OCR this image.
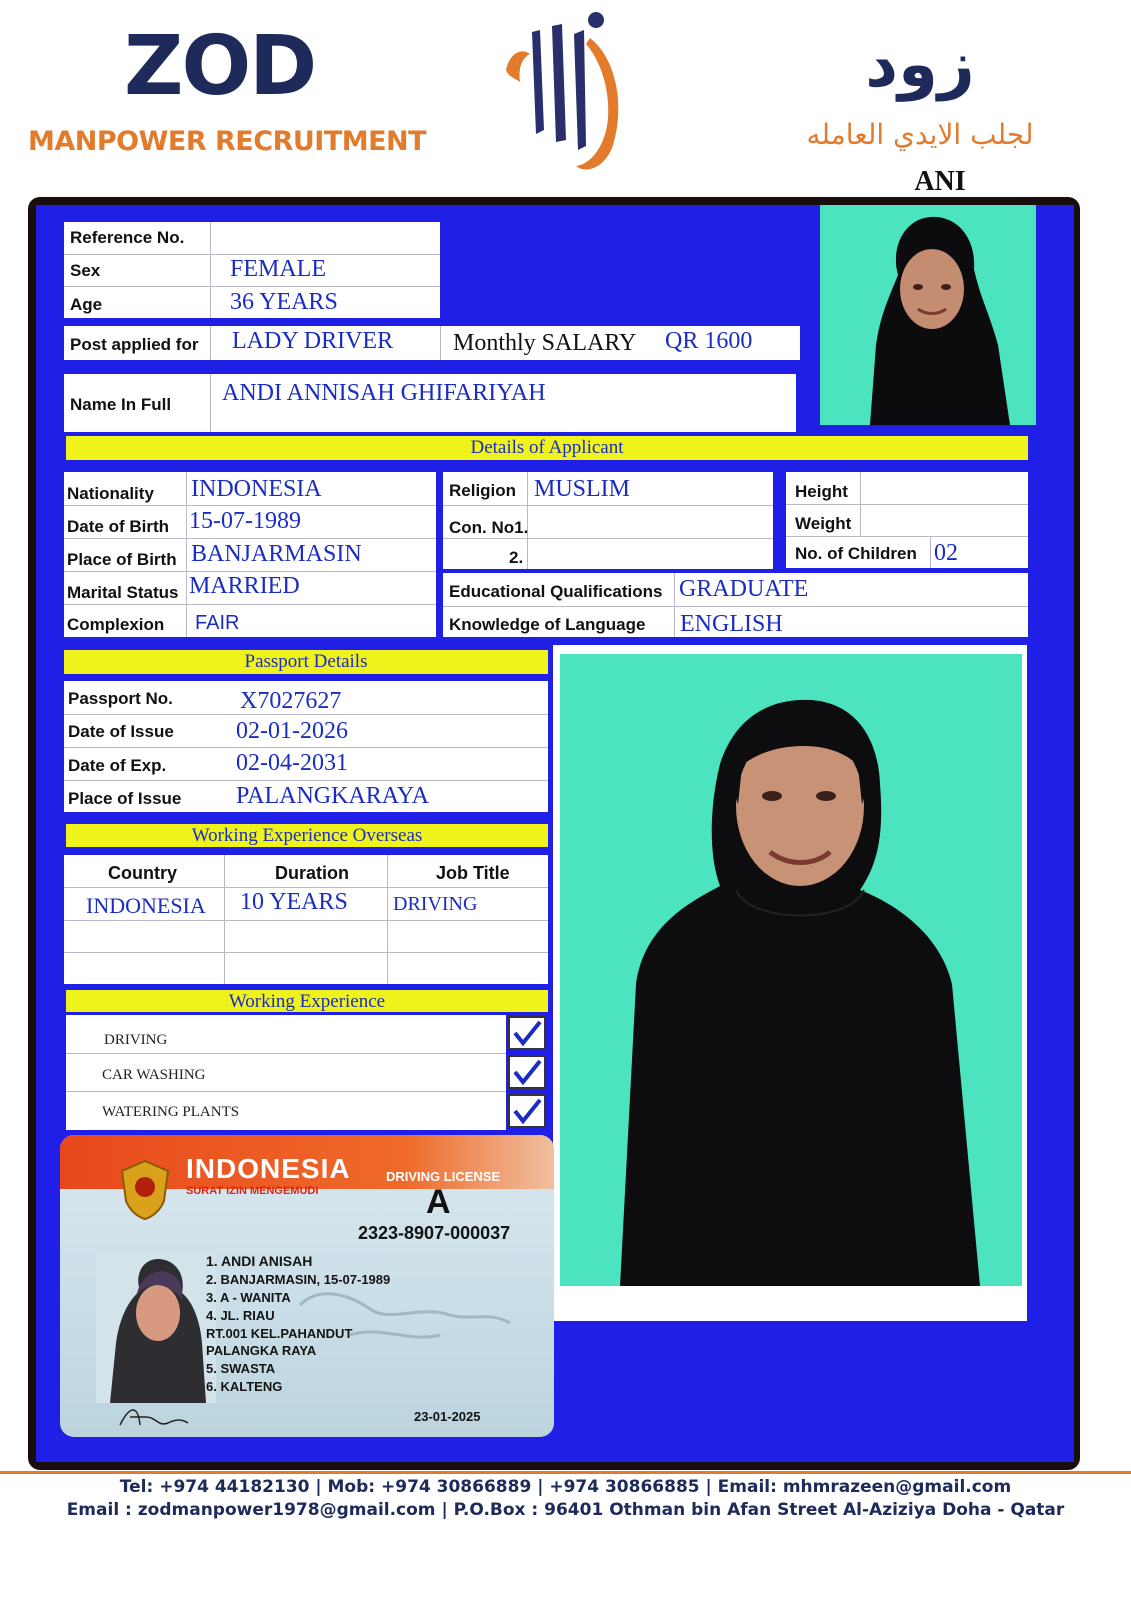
ZOD
MANPOWER RECRUITMENT
زود
لجلب الايدي العامله
ANI
Reference No.
Sex	FEMALE
Age	36 YEARS
Post applied for LADY DRIVER Monthly SALARY QR 1600
Name In Full ANDI ANNISAH GHIFARIYAH
Details of Applicant
Nationality INDONESIA
Date of Birth 15-07-1989
Place of Birth BANJARMASIN
Marital Status MARRIED
Complexion FAIR
Religion MUSLIM
Con. No1.
2.
Height
Weight
No. of Children 02
Educational Qualifications GRADUATE
Knowledge of Language ENGLISH
Passport Details
Passport No.	X7027627
Date of Issue	02-01-2026
Date of Exp.	02-04-2031
Place of Issue PALANGKARAYA
Working Experience Overseas
Country	Duration	Job Title
INDONESIA 10 YEARS DRIVING
Working Experience
DRIVING
CAR WASHING
WATERING PLANTS
INDONESIA
SURAT IZIN MENGEMUDI
DRIVING LICENSE
A
2323-8907-000037
1. ANDI ANISAH
2. BANJARMASIN, 15-07-1989
3. A - WANITA
4. JL. RIAU
RT.001 KEL.PAHANDUT
PALANGKA RAYA
5. SWASTA
6. KALTENG
23-01-2025
Tel: +974 44182130 | Mob: +974 30866889 | +974 30866885 | Email: mhmrazeen@gmail.com
Email : zodmanpower1978@gmail.com | P.O.Box : 96401 Othman bin Afan Street Al-Aziziya Doha - Qatar
